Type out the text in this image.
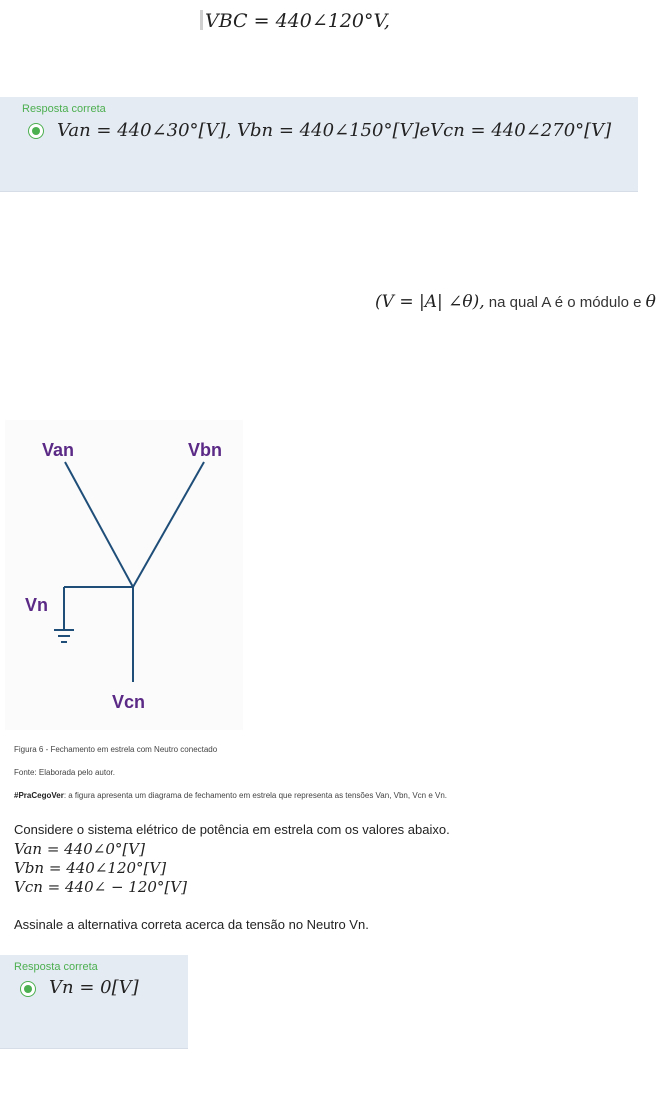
VBC = 440∠120°V,
Resposta correta
Van = 440∠30°[V], Vbn = 440∠150°[V]eVcn = 440∠270°[V]
(V = |A| ∠θ), na qual A é o módulo e θ
Van	Vbn
Vn
Vcn
Figura 6 - Fechamento em estrela com Neutro conectado
Fonte: Elaborada pelo autor.
#PraCegoVer: a figura apresenta um diagrama de fechamento em estrela que representa as tensões Van, Vbn, Vcn e Vn.
Considere o sistema elétrico de potência em estrela com os valores abaixo.
Van = 440∠0°[V]
Vbn = 440∠120°[V]
Vcn = 440∠ − 120°[V]
Assinale a alternativa correta acerca da tensão no Neutro Vn.
Resposta correta
Vn = 0[V]
